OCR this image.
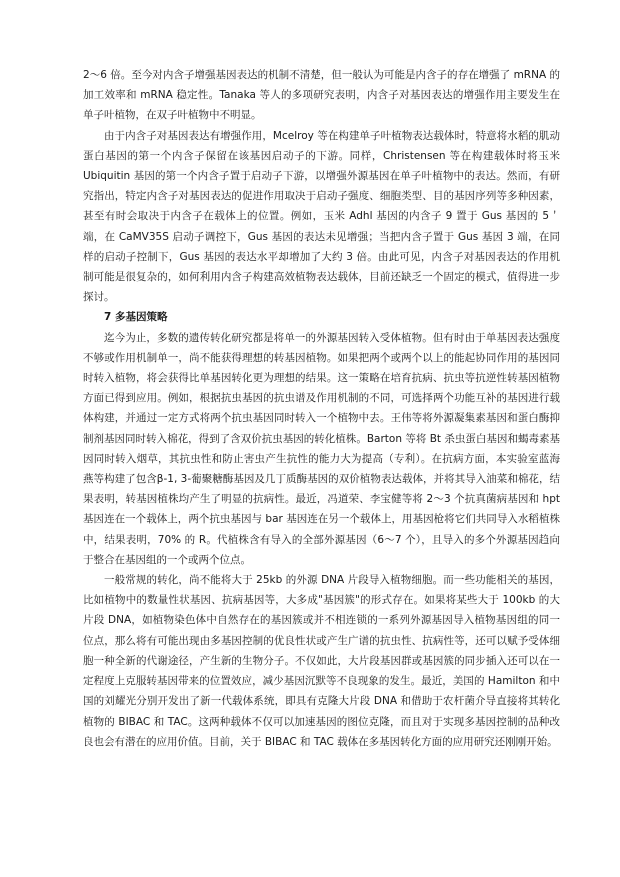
2～6 倍。至今对内含子增强基因表达的机制不清楚，但一般认为可能是内含子的存在增强了 mRNA 的加工效率和 mRNA 稳定性。Tanaka 等人的多项研究表明，内含子对基因表达的增强作用主要发生在单子叶植物，在双子叶植物中不明显。

由于内含子对基因表达有增强作用，Mcelroy 等在构建单子叶植物表达载体时，特意将水稻的肌动蛋白基因的第一个内含子保留在该基因启动子的下游。同样，Christensen 等在构建载体时将玉米 Ubiquitin 基因的第一个内含子置于启动子下游，以增强外源基因在单子叶植物中的表达。然而，有研究指出，特定内含子对基因表达的促进作用取决于启动子强度、细胞类型、目的基因序列等多种因素，甚至有时会取决于内含子在载体上的位置。例如，玉米 Adhl 基因的内含子 9 置于 Gus 基因的 5＇端，在 CaMV35S 启动子调控下，Gus 基因的表达未见增强；当把内含子置于 Gus 基因 3 端，在同样的启动子控制下，Gus 基因的表达水平却增加了大约 3 倍。由此可见，内含子对基因表达的作用机制可能是很复杂的，如何利用内含子构建高效植物表达载体，目前还缺乏一个固定的模式，值得进一步探讨。

7 多基因策略

迄今为止，多数的遗传转化研究都是将单一的外源基因转入受体植物。但有时由于单基因表达强度不够或作用机制单一，尚不能获得理想的转基因植物。如果把两个或两个以上的能起协同作用的基因同时转入植物，将会获得比单基因转化更为理想的结果。这一策略在培育抗病、抗虫等抗逆性转基因植物方面已得到应用。例如，根据抗虫基因的抗虫谱及作用机制的不同，可选择两个功能互补的基因进行载体构建，并通过一定方式将两个抗虫基因同时转入一个植物中去。王伟等将外源凝集素基因和蛋白酶抑制剂基因同时转入棉花，得到了含双价抗虫基因的转化植株。Barton 等将 Bt 杀虫蛋白基因和蝎毒素基因同时转入烟草，其抗虫性和防止害虫产生抗性的能力大为提高（专利）。在抗病方面，本实验室蓝海燕等构建了包含β-1, 3-葡聚糖酶基因及几丁质酶基因的双价植物表达载体，并将其导入油菜和棉花，结果表明，转基因植株均产生了明显的抗病性。最近，冯道荣、李宝健等将 2～3 个抗真菌病基因和 hpt 基因连在一个载体上，两个抗虫基因与 bar 基因连在另一个载体上，用基因枪将它们共同导入水稻植株中，结果表明，70% 的 R。代植株含有导入的全部外源基因（6～7 个），且导入的多个外源基因趋向于整合在基因组的一个或两个位点。

一般常规的转化，尚不能将大于 25kb 的外源 DNA 片段导入植物细胞。而一些功能相关的基因，比如植物中的数量性状基因、抗病基因等，大多成"基因簇"的形式存在。如果将某些大于 100kb 的大片段 DNA，如植物染色体中自然存在的基因簇或并不相连锁的一系列外源基因导入植物基因组的同一位点，那么将有可能出现由多基因控制的优良性状或产生广谱的抗虫性、抗病性等，还可以赋予受体细胞一种全新的代谢途径，产生新的生物分子。不仅如此，大片段基因群或基因簇的同步插入还可以在一定程度上克服转基因带来的位置效应，减少基因沉默等不良现象的发生。最近，美国的 Hamilton 和中国的刘耀光分别开发出了新一代载体系统，即具有克隆大片段 DNA 和借助于农杆菌介导直接将其转化植物的 BIBAC 和 TAC。这两种载体不仅可以加速基因的图位克隆，而且对于实现多基因控制的品种改良也会有潜在的应用价值。目前，关于 BIBAC 和 TAC 载体在多基因转化方面的应用研究还刚刚开始。
